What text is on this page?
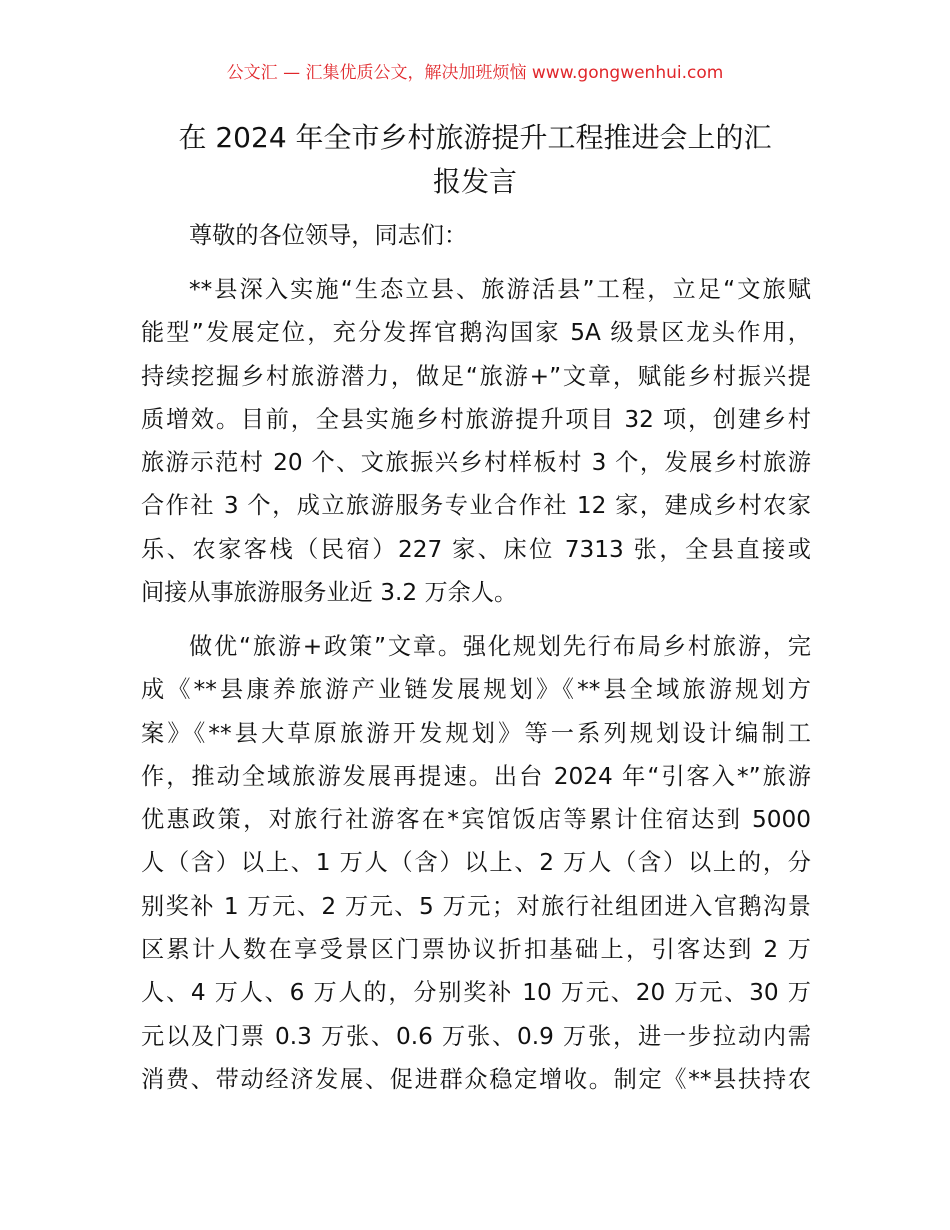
公文汇 — 汇集优质公文，解决加班烦恼 www.gongwenhui.com
在 2024 年全市乡村旅游提升工程推进会上的汇
报发言
尊敬的各位领导，同志们：
**县深入实施“生态立县、旅游活县”工程，立足“文旅赋
能型”发展定位，充分发挥官鹅沟国家 5A 级景区龙头作用，
持续挖掘乡村旅游潜力，做足“旅游+”文章，赋能乡村振兴提
质增效。目前，全县实施乡村旅游提升项目 32 项，创建乡村
旅游示范村 20 个、文旅振兴乡村样板村 3 个，发展乡村旅游
合作社 3 个，成立旅游服务专业合作社 12 家，建成乡村农家
乐、农家客栈（民宿）227 家、床位 7313 张，全县直接或
间接从事旅游服务业近 3.2 万余人。
做优“旅游+政策”文章。强化规划先行布局乡村旅游，完
成《**县康养旅游产业链发展规划》《**县全域旅游规划方
案》《**县大草原旅游开发规划》等一系列规划设计编制工
作，推动全域旅游发展再提速。出台 2024 年“引客入*”旅游
优惠政策，对旅行社游客在*宾馆饭店等累计住宿达到 5000
人（含）以上、1 万人（含）以上、2 万人（含）以上的，分
别奖补 1 万元、2 万元、5 万元；对旅行社组团进入官鹅沟景
区累计人数在享受景区门票协议折扣基础上，引客达到 2 万
人、4 万人、6 万人的，分别奖补 10 万元、20 万元、30 万
元以及门票 0.3 万张、0.6 万张、0.9 万张，进一步拉动内需
消费、带动经济发展、促进群众稳定增收。制定《**县扶持农
